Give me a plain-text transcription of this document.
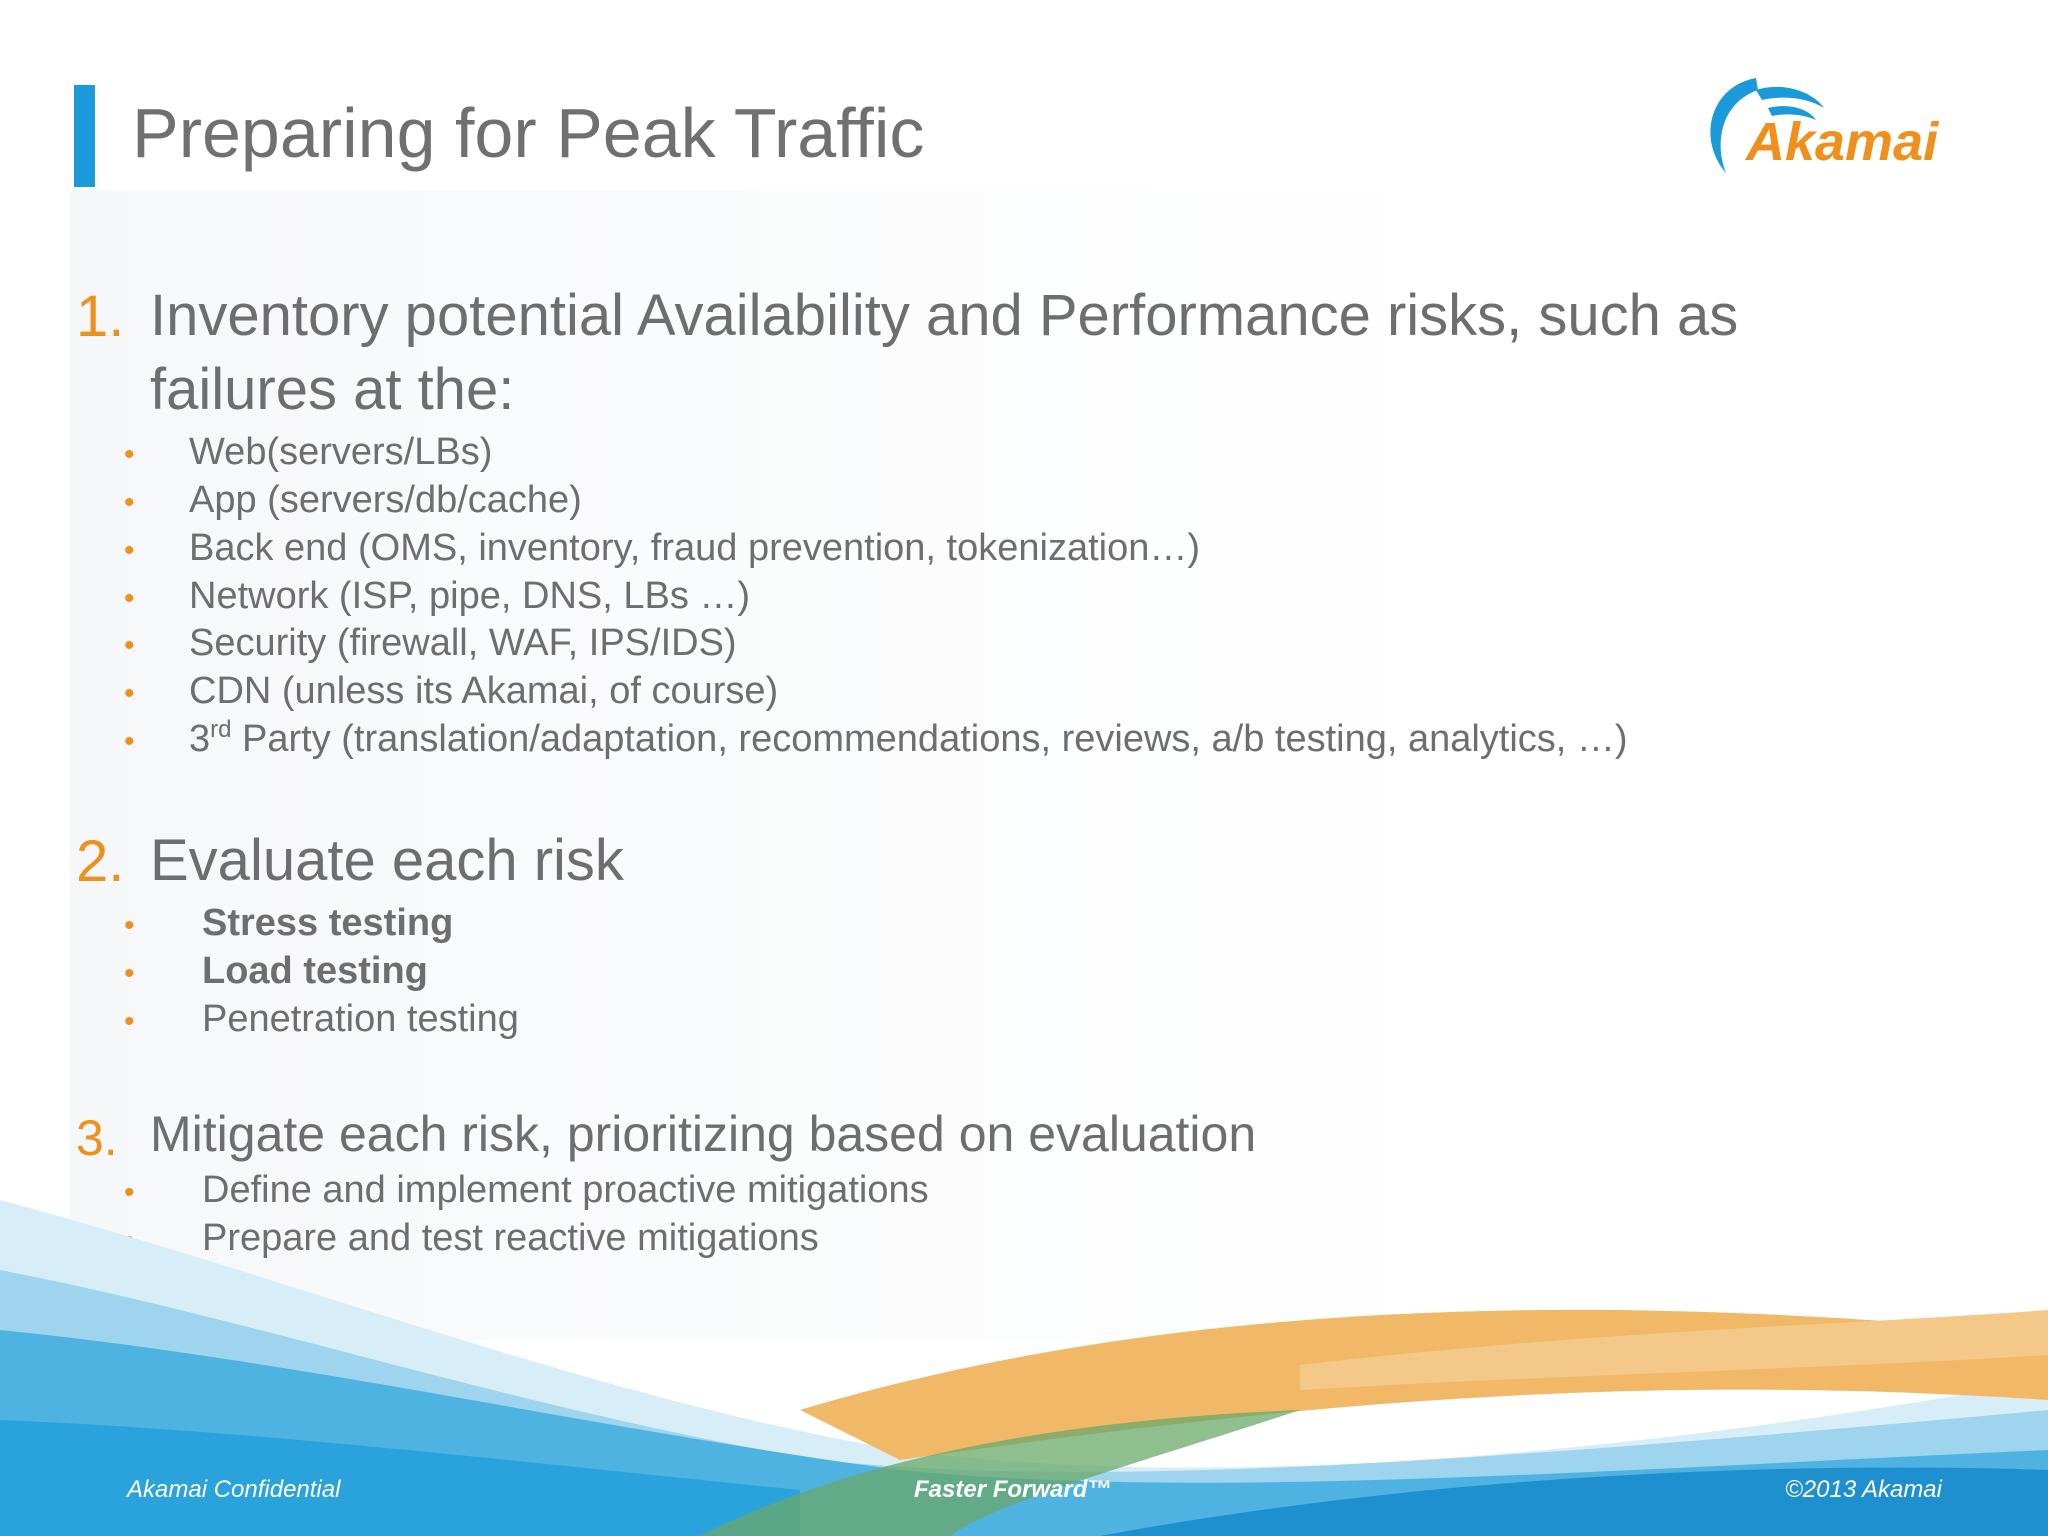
Preparing for Peak Traffic	Akamai
1. Inventory potential Availability and Performance risks, such as
failures at the:
• Web(servers/LBs)
• App (servers/db/cache)
• Back end (OMS, inventory, fraud prevention, tokenization…)
• Network (ISP, pipe, DNS, LBs …)
• Security (firewall, WAF, IPS/IDS)
• CDN (unless its Akamai, of course)
• 3rd Party (translation/adaptation, recommendations, reviews, a/b testing, analytics, …)
2. Evaluate each risk
• Stress testing
• Load testing
• Penetration testing
3. Mitigate each risk, prioritizing based on evaluation
• Define and implement proactive mitigations
Prepare and test reactive mitigations
Akamai Confidential	Faster Forward™	©2013 Akamai
